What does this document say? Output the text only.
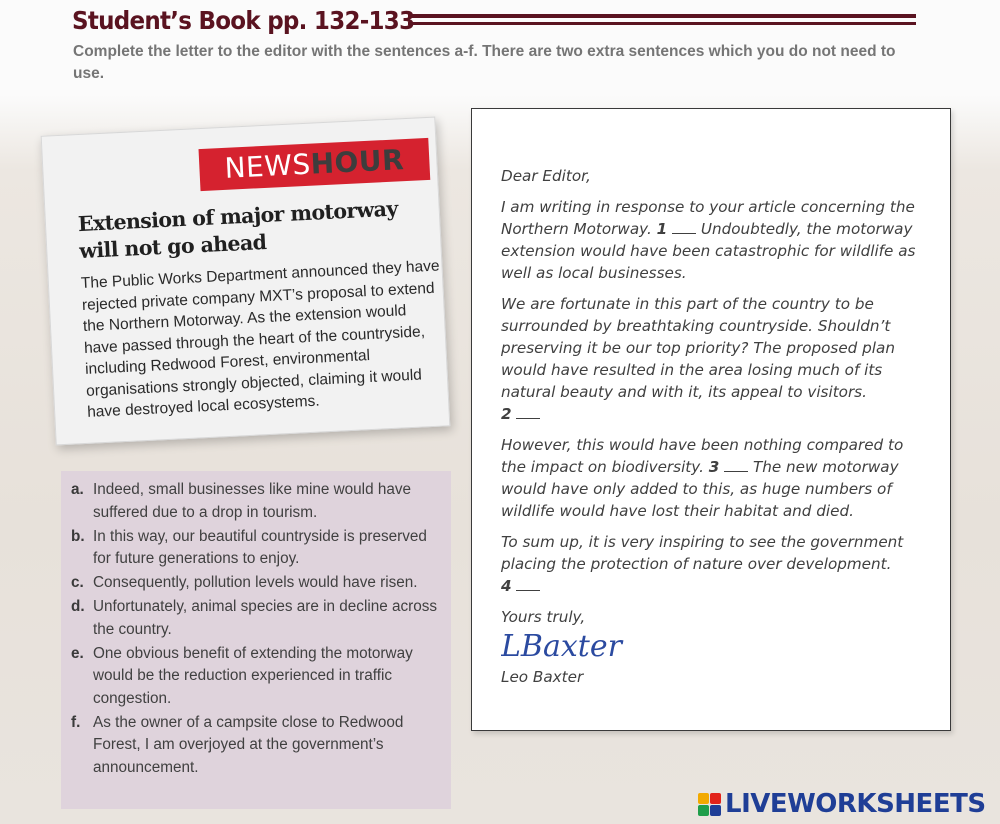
Student’s Book pp. 132-133
Complete the letter to the editor with the sentences a-f. There are two extra sentences which you do not need to use.
NEWSHOUR
Extension of major motorway will not go ahead
The Public Works Department announced they have rejected private company MXT’s proposal to extend the Northern Motorway. As the extension would have passed through the heart of the countryside, including Redwood Forest, environmental organisations strongly objected, claiming it would have destroyed local ecosystems.
a. Indeed, small businesses like mine would have suffered due to a drop in tourism.
b. In this way, our beautiful countryside is preserved for future generations to enjoy.
c. Consequently, pollution levels would have risen.
d. Unfortunately, animal species are in decline across the country.
e. One obvious benefit of extending the motorway would be the reduction experienced in traffic congestion.
f. As the owner of a campsite close to Redwood Forest, I am overjoyed at the government’s announcement.

Dear Editor,

I am writing in response to your article concerning the Northern Motorway. 1 Undoubtedly, the motorway extension would have been catastrophic for wildlife as well as local businesses.

We are fortunate in this part of the country to be surrounded by breathtaking countryside. Shouldn’t preserving it be our top priority? The proposed plan would have resulted in the area losing much of its natural beauty and with it, its appeal to visitors.
2

However, this would have been nothing compared to the impact on biodiversity. 3 The new motorway would have only added to this, as huge numbers of wildlife would have lost their habitat and died.

To sum up, it is very inspiring to see the government placing the protection of nature over development.
4

Yours truly,

LBaxter

Leo Baxter

LIVEWORKSHEETS
